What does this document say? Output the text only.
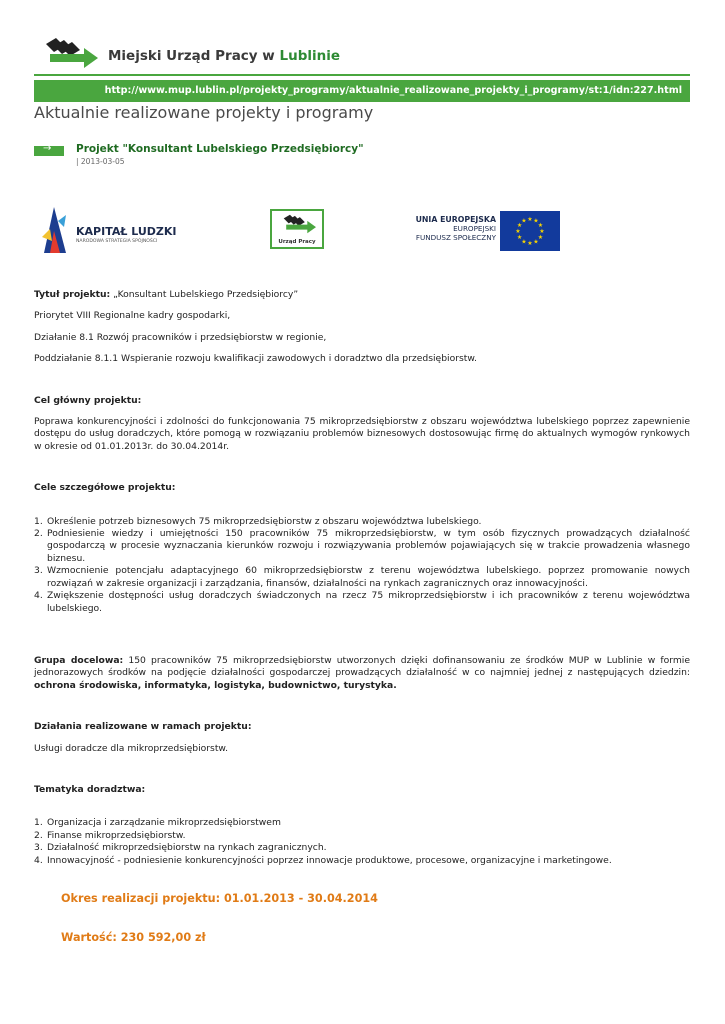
Miejski Urząd Pracy w Lublinie
http://www.mup.lublin.pl/projekty_programy/aktualnie_realizowane_projekty_i_programy/st:1/idn:227.html
Aktualnie realizowane projekty i programy
→ Projekt "Konsultant Lubelskiego Przedsiębiorcy"
| 2013-03-05
KAPITAŁ LUDZKI
NARODOWA STRATEGIA SPÓJNOŚCI	Urząd Pracy
UNIA EUROPEJSKA
EUROPEJSKI
FUNDUSZ SPOŁECZNY
★ ★
★
★
★
★
★
★
★
★
★
★

Tytuł projektu: „Konsultant Lubelskiego Przedsiębiorcy”

Priorytet VIII Regionalne kadry gospodarki,

Działanie 8.1 Rozwój pracowników i przedsiębiorstw w regionie,

Poddziałanie 8.1.1 Wspieranie rozwoju kwalifikacji zawodowych i doradztwo dla przedsiębiorstw.

Cel główny projektu:

Poprawa konkurencyjności i zdolności do funkcjonowania 75 mikroprzedsiębiorstw z obszaru województwa lubelskiego poprzez zapewnienie dostępu do usług doradczych, które pomogą w rozwiązaniu problemów biznesowych dostosowując firmę do aktualnych wymogów rynkowych w okresie od 01.01.2013r. do 30.04.2014r.

Cele szczegółowe projektu:

1. Określenie potrzeb biznesowych 75 mikroprzedsiębiorstw z obszaru województwa lubelskiego.
2. Podniesienie wiedzy i umiejętności 150 pracowników 75 mikroprzedsiębiorstw, w tym osób fizycznych prowadzących działalność gospodarczą w procesie wyznaczania kierunków rozwoju i rozwiązywania problemów pojawiających się w trakcie prowadzenia własnego biznesu.
3. Wzmocnienie potencjału adaptacyjnego 60 mikroprzedsiębiorstw z terenu województwa lubelskiego. poprzez promowanie nowych rozwiązań w zakresie organizacji i zarządzania, finansów, działalności na rynkach zagranicznych oraz innowacyjności.
4. Zwiększenie dostępności usług doradczych świadczonych na rzecz 75 mikroprzedsiębiorstw i ich pracowników z terenu województwa lubelskiego.

Grupa docelowa: 150 pracowników 75 mikroprzedsiębiorstw utworzonych dzięki dofinansowaniu ze środków MUP w Lublinie w formie jednorazowych środków na podjęcie działalności gospodarczej prowadzących działalność w co najmniej jednej z następujących dziedzin: ochrona środowiska, informatyka, logistyka, budownictwo, turystyka.

Działania realizowane w ramach projektu:

Usługi doradcze dla mikroprzedsiębiorstw.

Tematyka doradztwa:

1. Organizacja i zarządzanie mikroprzedsiębiorstwem
2. Finanse mikroprzedsiębiorstw.
3. Działalność mikroprzedsiębiorstw na rynkach zagranicznych.
4. Innowacyjność - podniesienie konkurencyjności poprzez innowacje produktowe, procesowe, organizacyjne i marketingowe.

Okres realizacji projektu: 01.01.2013 - 30.04.2014

Wartość: 230 592,00 zł
